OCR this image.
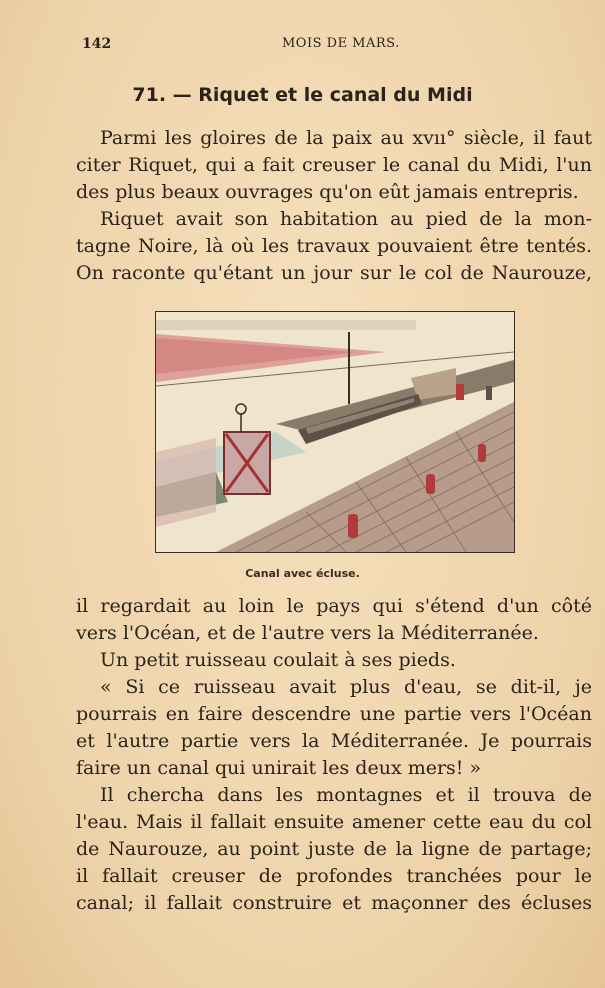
142	MOIS DE MARS.
71. — Riquet et le canal du Midi
Parmi les gloires de la paix au xvıı° siècle, il faut
citer Riquet, qui a fait creuser le canal du Midi, l'un
des plus beaux ouvrages qu'on eût jamais entrepris.
Riquet avait son habitation au pied de la mon-
tagne Noire, là où les travaux pouvaient être tentés.
On raconte qu'étant un jour sur le col de Naurouze,
Canal avec écluse.
il regardait au loin le pays qui s'étend d'un côté
vers l'Océan, et de l'autre vers la Méditerranée.
Un petit ruisseau coulait à ses pieds.
« Si ce ruisseau avait plus d'eau, se dit-il, je
pourrais en faire descendre une partie vers l'Océan
et l'autre partie vers la Méditerranée. Je pourrais
faire un canal qui unirait les deux mers! »
Il chercha dans les montagnes et il trouva de
l'eau. Mais il fallait ensuite amener cette eau du col
de Naurouze, au point juste de la ligne de partage;
il fallait creuser de profondes tranchées pour le
canal; il fallait construire et maçonner des écluses
